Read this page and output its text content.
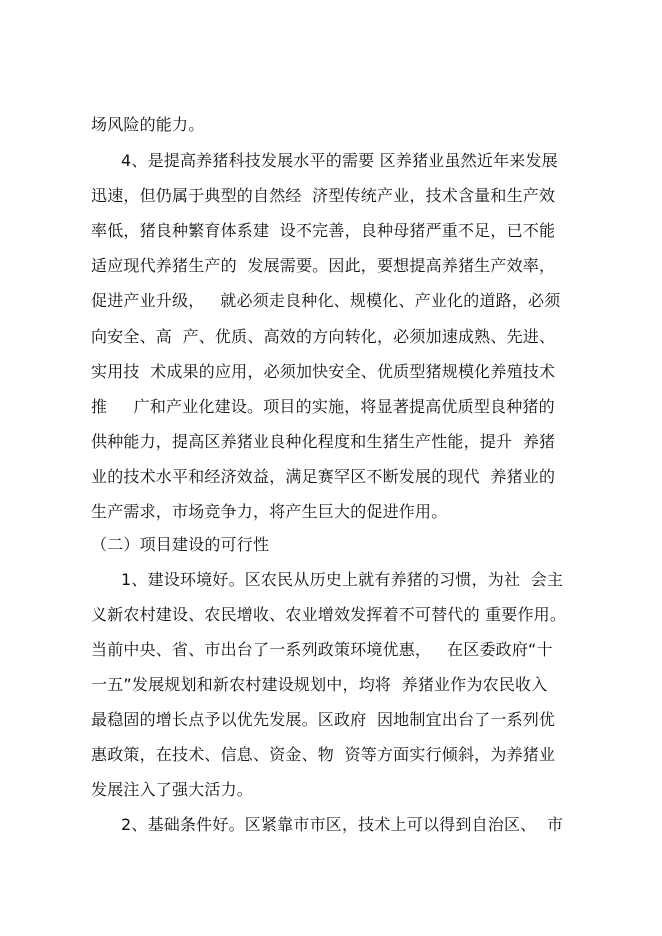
场风险的能力。
4、是提高养猪科技发展水平的需要 区养猪业虽然近年来发展
迅速，但仍属于典型的自然经  济型传统产业，技术含量和生产效
率低，猪良种繁育体系建  设不完善，良种母猪严重不足，已不能
适应现代养猪生产的  发展需要。因此，要想提高养猪生产效率，
促进产业升级，   就必须走良种化、规模化、产业化的道路，必须
向安全、高  产、优质、高效的方向转化，必须加速成熟、先进、
实用技  术成果的应用，必须加快安全、优质型猪规模化养殖技术
推     广和产业化建设。项目的实施，将显著提高优质型良种猪的
供种能力，提高区养猪业良种化程度和生猪生产性能，提升  养猪
业的技术水平和经济效益，满足赛罕区不断发展的现代  养猪业的
生产需求，市场竞争力，将产生巨大的促进作用。
（二）项目建设的可行性
1、建设环境好。区农民从历史上就有养猪的习惯，为社  会主
义新农村建设、农民增收、农业增效发挥着不可替代的 重要作用。
当前中央、省、市出台了一系列政策环境优惠，   在区委政府“十
一五”发展规划和新农村建设规划中，均将  养猪业作为农民收入
最稳固的增长点予以优先发展。区政府  因地制宜出台了一系列优
惠政策，在技术、信息、资金、物  资等方面实行倾斜，为养猪业
发展注入了强大活力。
2、基础条件好。区紧靠市市区，技术上可以得到自治区、  市
